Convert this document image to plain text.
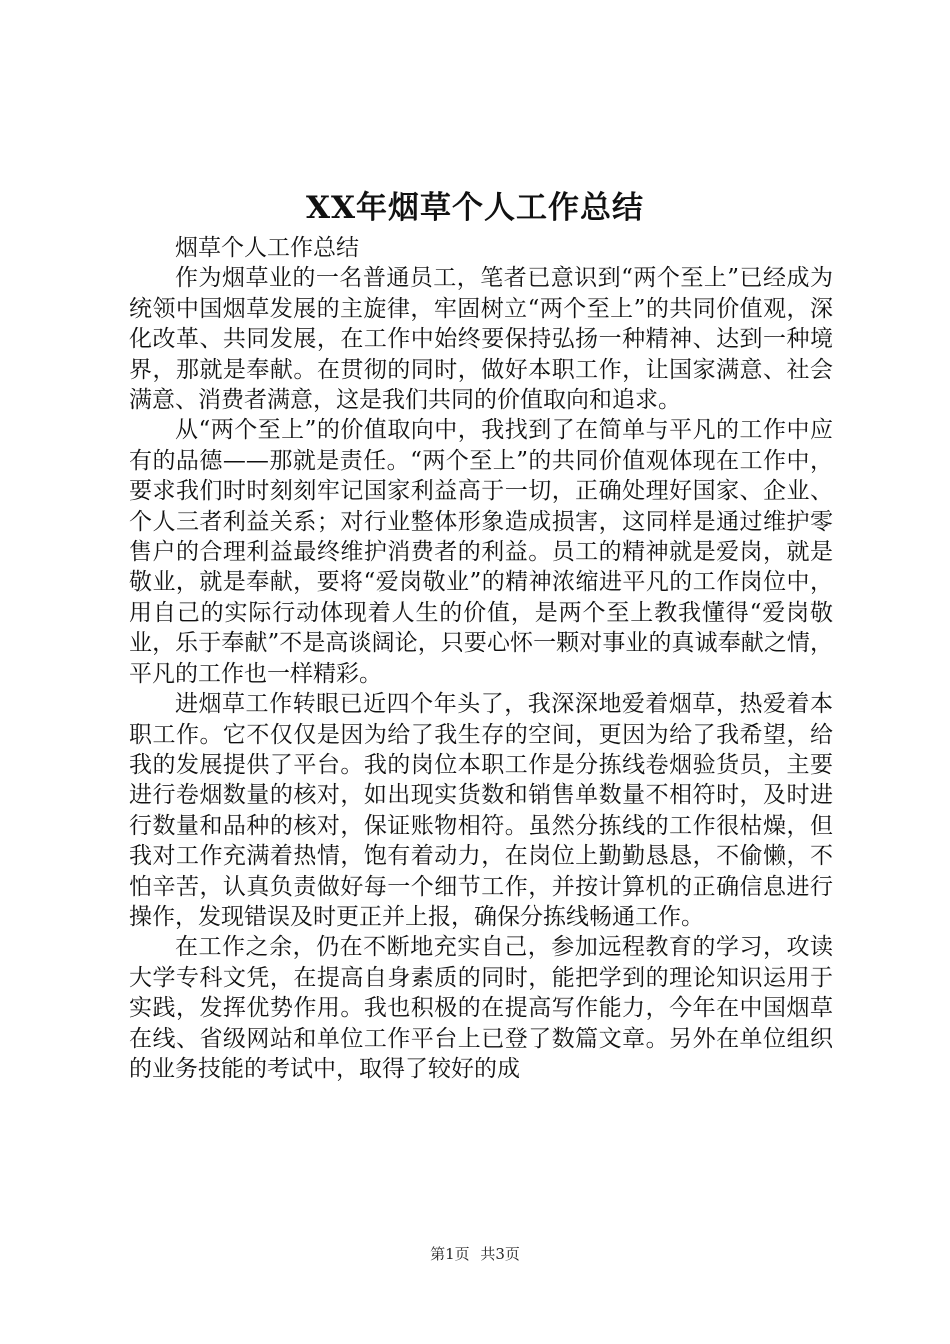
XX年烟草个人工作总结

烟草个人工作总结

作为烟草业的一名普通员工，笔者已意识到“两个至上”已经成为统领中国烟草发展的主旋律，牢固树立“两个至上”的共同价值观，深化改革、共同发展，在工作中始终要保持弘扬一种精神、达到一种境界，那就是奉献。在贯彻的同时，做好本职工作，让国家满意、社会满意、消费者满意，这是我们共同的价值取向和追求。

从“两个至上”的价值取向中，我找到了在简单与平凡的工作中应有的品德——那就是责任。“两个至上”的共同价值观体现在工作中，要求我们时时刻刻牢记国家利益高于一切，正确处理好国家、企业、个人三者利益关系；对行业整体形象造成损害，这同样是通过维护零售户的合理利益最终维护消费者的利益。员工的精神就是爱岗，就是敬业，就是奉献，要将“爱岗敬业”的精神浓缩进平凡的工作岗位中，用自己的实际行动体现着人生的价值，是两个至上教我懂得“爱岗敬业，乐于奉献”不是高谈阔论，只要心怀一颗对事业的真诚奉献之情，平凡的工作也一样精彩。

进烟草工作转眼已近四个年头了，我深深地爱着烟草，热爱着本职工作。它不仅仅是因为给了我生存的空间，更因为给了我希望，给我的发展提供了平台。我的岗位本职工作是分拣线卷烟验货员，主要进行卷烟数量的核对，如出现实货数和销售单数量不相符时，及时进行数量和品种的核对，保证账物相符。虽然分拣线的工作很枯燥，但我对工作充满着热情，饱有着动力，在岗位上勤勤恳恳，不偷懒，不怕辛苦，认真负责做好每一个细节工作，并按计算机的正确信息进行操作，发现错误及时更正并上报，确保分拣线畅通工作。

在工作之余，仍在不断地充实自己，参加远程教育的学习，攻读大学专科文凭，在提高自身素质的同时，能把学到的理论知识运用于实践，发挥优势作用。我也积极的在提高写作能力，今年在中国烟草在线、省级网站和单位工作平台上已登了数篇文章。另外在单位组织的业务技能的考试中，取得了较好的成

第1页 共3页
